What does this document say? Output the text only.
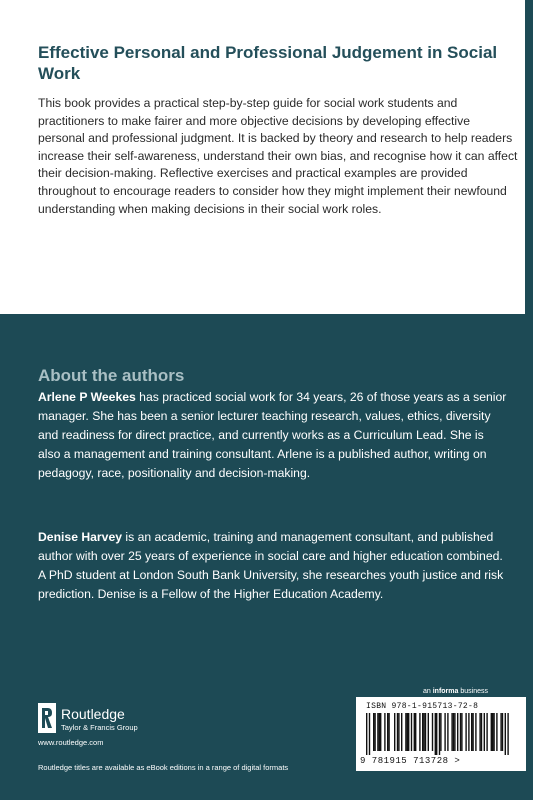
Effective Personal and Professional Judgement in Social Work

This book provides a practical step-by-step guide for social work students and practitioners to make fairer and more objective decisions by developing effective personal and professional judgment. It is backed by theory and research to help readers increase their self-awareness, understand their own bias, and recognise how it can affect their decision-making. Reflective exercises and practical examples are provided throughout to encourage readers to consider how they might implement their newfound understanding when making decisions in their social work roles.

About the authors

Arlene P Weekes has practiced social work for 34 years, 26 of those years as a senior manager. She has been a senior lecturer teaching research, values, ethics, diversity and readiness for direct practice, and currently works as a Curriculum Lead. She is also a management and training consultant. Arlene is a published author, writing on pedagogy, race, positionality and decision-making.

Denise Harvey is an academic, training and management consultant, and published author with over 25 years of experience in social care and higher education combined. A PhD student at London South Bank University, she researches youth justice and risk prediction. Denise is a Fellow of the Higher Education Academy.

Routledge
Taylor & Francis Group
www.routledge.com
Routledge titles are available as eBook editions in a range of digital formats
an informa business
ISBN 978-1-915713-72-8
9 781915 713728 >
